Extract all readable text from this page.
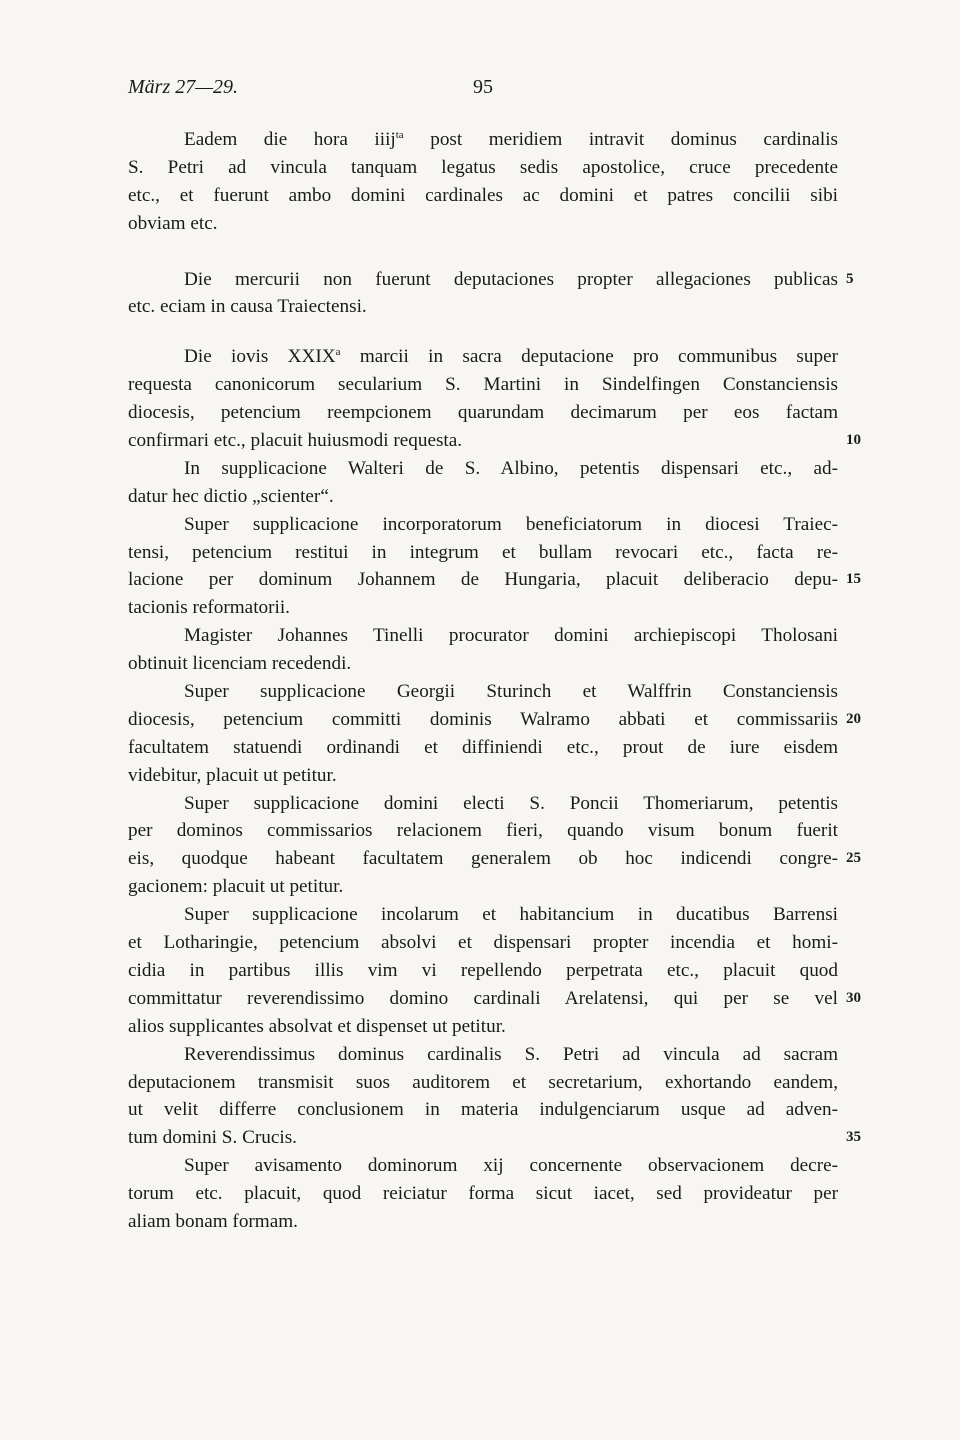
März 27—29.	95
Eadem die hora iiij$^{ta}$ post meridiem intravit dominus cardinalis
S. Petri ad vincula tanquam legatus sedis apostolice, cruce precedente
etc., et fuerunt ambo domini cardinales ac domini et patres concilii sibi
obviam etc.
Die mercurii non fuerunt deputaciones propter allegaciones publicas 5
etc. eciam in causa Traiectensi.
Die iovis XXIX$^a$ marcii in sacra deputacione pro communibus super
requesta canonicorum secularium S. Martini in Sindelfingen Constanciensis
diocesis, petencium reempcionem quarundam decimarum per eos factam
confirmari etc., placuit huiusmodi requesta.	10
In supplicacione Walteri de S. Albino, petentis dispensari etc., ad-
datur hec dictio „scienter“.
Super supplicacione incorporatorum beneficiatorum in diocesi Traiec-
tensi, petencium restitui in integrum et bullam revocari etc., facta re-
lacione per dominum Johannem de Hungaria, placuit deliberacio depu- 15
tacionis reformatorii.
Magister Johannes Tinelli procurator domini archiepiscopi Tholosani
obtinuit licenciam recedendi.
Super supplicacione Georgii Sturinch et Walffrin Constanciensis
diocesis, petencium committi dominis Walramo abbati et commissariis 20
facultatem statuendi ordinandi et diffiniendi etc., prout de iure eisdem
videbitur, placuit ut petitur.
Super supplicacione domini electi S. Poncii Thomeriarum, petentis
per dominos commissarios relacionem fieri, quando visum bonum fuerit
eis, quodque habeant facultatem generalem ob hoc indicendi congre- 25
gacionem: placuit ut petitur.
Super supplicacione incolarum et habitancium in ducatibus Barrensi
et Lotharingie, petencium absolvi et dispensari propter incendia et homi-
cidia in partibus illis vim vi repellendo perpetrata etc., placuit quod
committatur reverendissimo domino cardinali Arelatensi, qui per se vel 30
alios supplicantes absolvat et dispenset ut petitur.
Reverendissimus dominus cardinalis S. Petri ad vincula ad sacram
deputacionem transmisit suos auditorem et secretarium, exhortando eandem,
ut velit differre conclusionem in materia indulgenciarum usque ad adven-
tum domini S. Crucis.	35
Super avisamento dominorum xij concernente observacionem decre-
torum etc. placuit, quod reiciatur forma sicut iacet, sed provideatur per
aliam bonam formam.
